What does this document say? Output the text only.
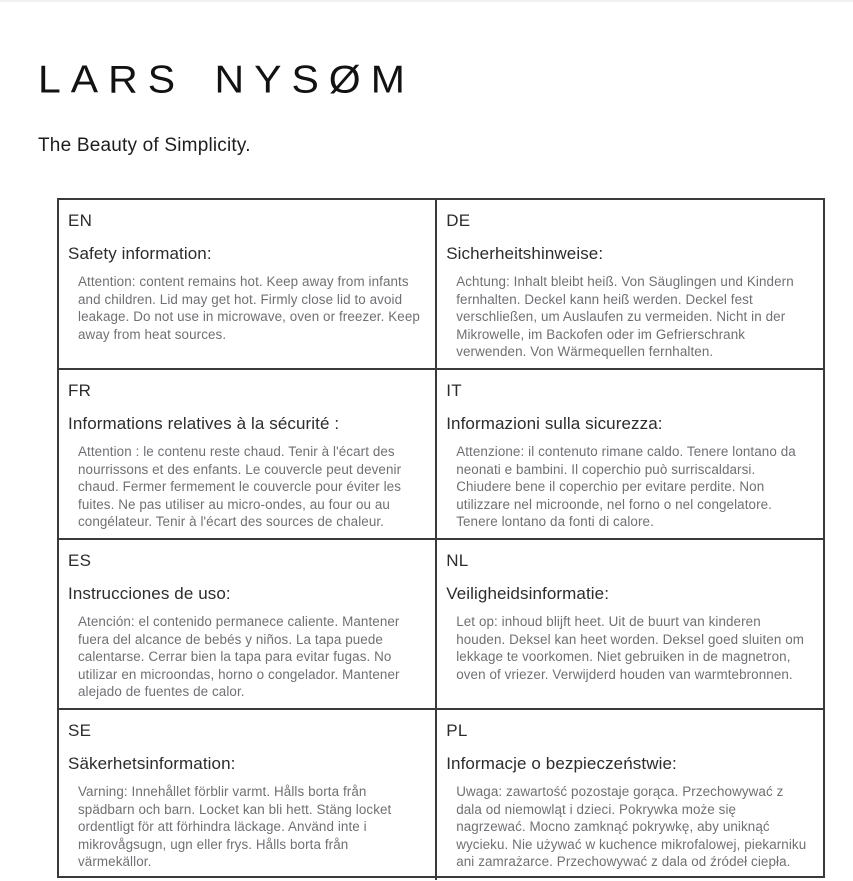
LARS NYSØM
The Beauty of Simplicity.
EN
Safety information:

Attention: content remains hot. Keep away from infants and children. Lid may get hot. Firmly close lid to avoid leakage. Do not use in microwave, oven or freezer. Keep away from heat sources.

DE
Sicherheitshinweise:

Achtung: Inhalt bleibt heiß. Von Säuglingen und Kindern fernhalten. Deckel kann heiß werden. Deckel fest verschließen, um Auslaufen zu vermeiden. Nicht in der Mikrowelle, im Backofen oder im Gefrierschrank verwenden. Von Wärmequellen fernhalten.

FR
Informations relatives à la sécurité :

Attention : le contenu reste chaud. Tenir à l'écart des nourrissons et des enfants. Le couvercle peut devenir chaud. Fermer fermement le couvercle pour éviter les fuites. Ne pas utiliser au micro-ondes, au four ou au congélateur. Tenir à l'écart des sources de chaleur.

IT
Informazioni sulla sicurezza:

Attenzione: il contenuto rimane caldo. Tenere lontano da neonati e bambini. Il coperchio può surriscaldarsi. Chiudere bene il coperchio per evitare perdite. Non utilizzare nel microonde, nel forno o nel congelatore. Tenere lontano da fonti di calore.

ES
Instrucciones de uso:

Atención: el contenido permanece caliente. Mantener fuera del alcance de bebés y niños. La tapa puede calentarse. Cerrar bien la tapa para evitar fugas. No utilizar en microondas, horno o congelador. Mantener alejado de fuentes de calor.

NL
Veiligheidsinformatie:

Let op: inhoud blijft heet. Uit de buurt van kinderen houden. Deksel kan heet worden. Deksel goed sluiten om lekkage te voorkomen. Niet gebruiken in de magnetron, oven of vriezer. Verwijderd houden van warmtebronnen.

SE
Säkerhetsinformation:

Varning: Innehållet förblir varmt. Hålls borta från spädbarn och barn. Locket kan bli hett. Stäng locket ordentligt för att förhindra läckage. Använd inte i mikrovågsugn, ugn eller frys. Hålls borta från värmekällor.

PL
Informacje o bezpieczeństwie:

Uwaga: zawartość pozostaje gorąca. Przechowywać z dala od niemowląt i dzieci. Pokrywka może się nagrzewać. Mocno zamknąć pokrywkę, aby uniknąć wycieku. Nie używać w kuchence mikrofalowej, piekarniku ani zamrażarce. Przechowywać z dala od źródeł ciepła.
